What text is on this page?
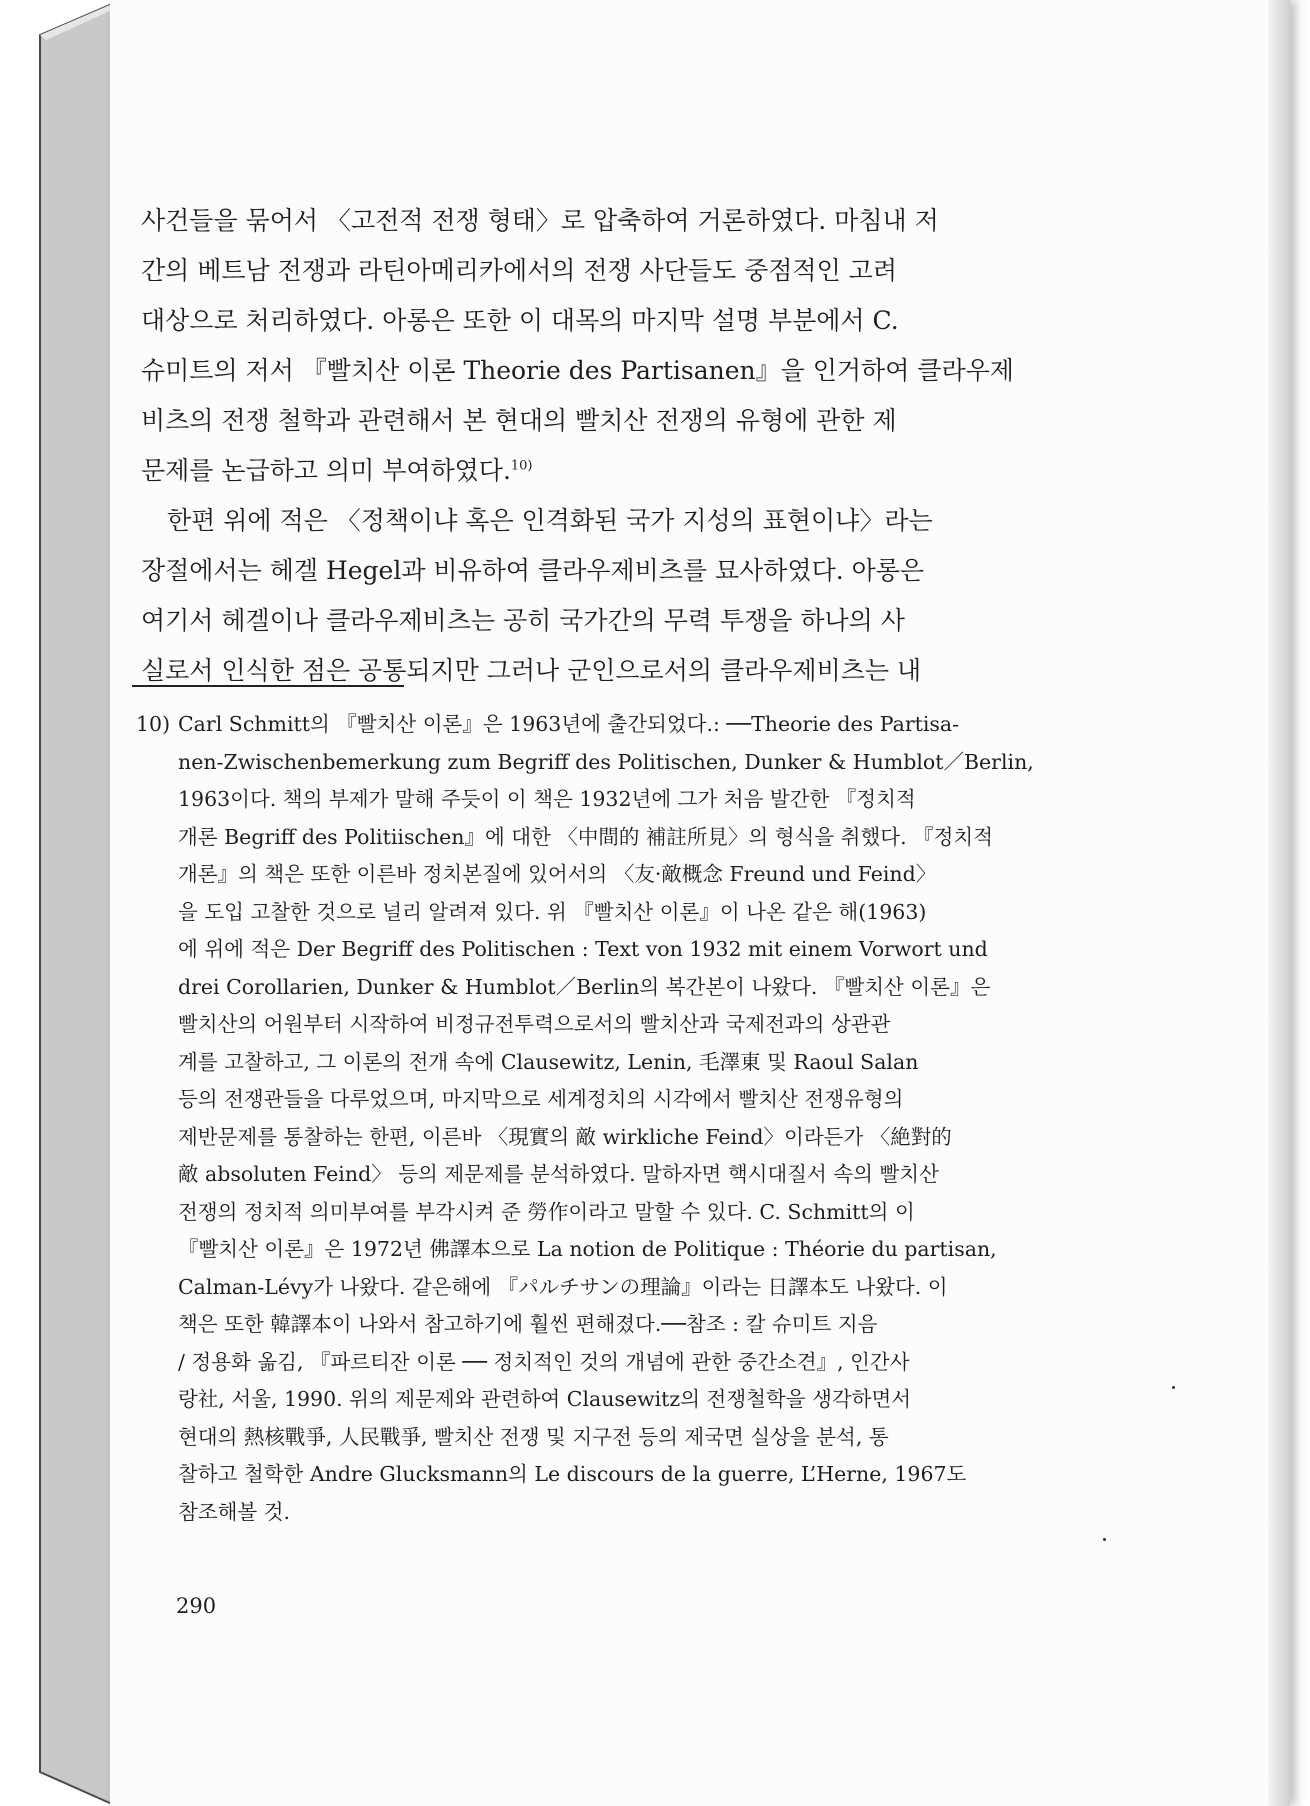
사건들을 묶어서 〈고전적 전쟁 형태〉로 압축하여 거론하였다. 마침내 저
간의 베트남 전쟁과 라틴아메리카에서의 전쟁 사단들도 중점적인 고려
대상으로 처리하였다. 아롱은 또한 이 대목의 마지막 설명 부분에서 C.
슈미트의 저서 『빨치산 이론 Theorie des Partisanen』을 인거하여 클라우제
비츠의 전쟁 철학과 관련해서 본 현대의 빨치산 전쟁의 유형에 관한 제
문제를 논급하고 의미 부여하였다.$^{10)}$
한편 위에 적은 〈정책이냐 혹은 인격화된 국가 지성의 표현이냐〉라는
장절에서는 헤겔 Hegel과 비유하여 클라우제비츠를 묘사하였다. 아롱은
여기서 헤겔이나 클라우제비츠는 공히 국가간의 무력 투쟁을 하나의 사
실로서 인식한 점은 공통되지만 그러나 군인으로서의 클라우제비츠는 내
10) Carl Schmitt의 『빨치산 이론』은 1963년에 출간되었다.: ──Theorie des Partisa-
nen-Zwischenbemerkung zum Begriff des Politischen, Dunker & Humblot／Berlin,
1963이다. 책의 부제가 말해 주듯이 이 책은 1932년에 그가 처음 발간한 『정치적
개론 Begriff des Politiischen』에 대한 〈中間的 補註所見〉의 형식을 취했다. 『정치적
개론』의 책은 또한 이른바 정치본질에 있어서의 〈友·敵概念 Freund und Feind〉
을 도입 고찰한 것으로 널리 알려져 있다. 위 『빨치산 이론』이 나온 같은 해(1963)
에 위에 적은 Der Begriff des Politischen : Text von 1932 mit einem Vorwort und
drei Corollarien, Dunker & Humblot／Berlin의 복간본이 나왔다. 『빨치산 이론』은
빨치산의 어원부터 시작하여 비정규전투력으로서의 빨치산과 국제전과의 상관관
계를 고찰하고, 그 이론의 전개 속에 Clausewitz, Lenin, 毛澤東 및 Raoul Salan
등의 전쟁관들을 다루었으며, 마지막으로 세계정치의 시각에서 빨치산 전쟁유형의
제반문제를 통찰하는 한편, 이른바 〈現實의 敵 wirkliche Feind〉이라든가 〈絶對的
敵 absoluten Feind〉 등의 제문제를 분석하였다. 말하자면 핵시대질서 속의 빨치산
전쟁의 정치적 의미부여를 부각시켜 준 勞作이라고 말할 수 있다. C. Schmitt의 이
『빨치산 이론』은 1972년 佛譯本으로 La notion de Politique : Théorie du partisan,
Calman-Lévy가 나왔다. 같은해에 『パルチサンの理論』이라는 日譯本도 나왔다. 이
책은 또한 韓譯本이 나와서 참고하기에 훨씬 편해졌다.──참조 : 칼 슈미트 지음
/ 정용화 옮김, 『파르티잔 이론 ── 정치적인 것의 개념에 관한 중간소견』, 인간사
랑社, 서울, 1990. 위의 제문제와 관련하여 Clausewitz의 전쟁철학을 생각하면서
현대의 熱核戰爭, 人民戰爭, 빨치산 전쟁 및 지구전 등의 제국면 실상을 분석, 통
찰하고 철학한 Andre Glucksmann의 Le discours de la guerre, L’Herne, 1967도
참조해볼 것.
290
